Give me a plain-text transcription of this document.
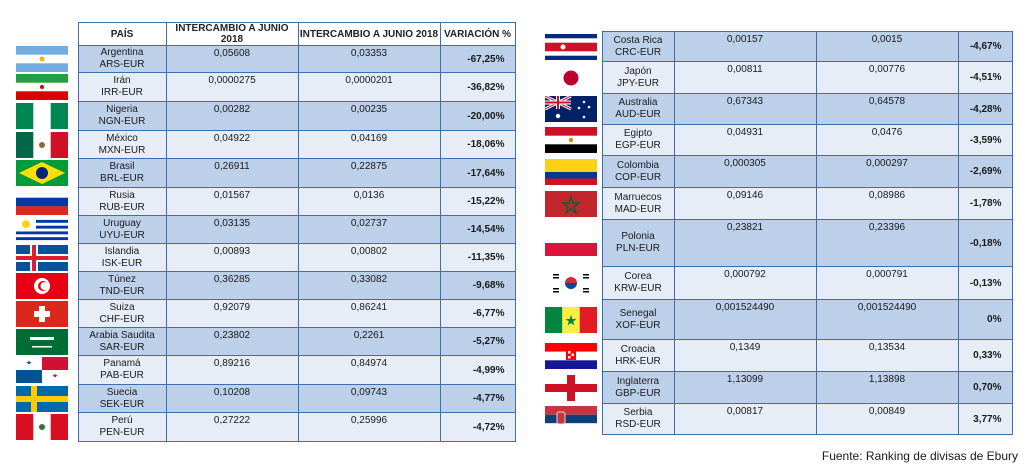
	PAÍS	INTERCAMBIO A JUNIO 2018	INTERCAMBIO A JUNIO 2018	VARIACIÓN %

Argentina
ARS-EUR	0,05608	0,03353	-67,25%

Irán
IRR-EUR	0,0000275	0,0000201	-36,82%

Nigeria
NGN-EUR	0,00282	0,00235	-20,00%

México
MXN-EUR	0,04922	0,04169	-18,06%

Brasil
BRL-EUR	0,26911	0,22875	-17,64%

Rusia
RUB-EUR	0,01567	0,0136	-15,22%

Uruguay
UYU-EUR	0,03135	0,02737	-14,54%

Islandia
ISK-EUR	0,00893	0,00802	-11,35%

Túnez
TND-EUR	0,36285	0,33082	-9,68%

Suiza
CHF-EUR	0,92079	0,86241	-6,77%

Arabia Saudita
SAR-EUR	0,23802	0,2261	-5,27%

Panamá
PAB-EUR	0,89216	0,84974	-4,99%

Suecia
SEK-EUR	0,10208	0,09743	-4,77%

Perú
PEN-EUR	0,27222	0,25996	-4,72%

Costa Rica
CRC-EUR	0,00157	0,0015	-4,67%

Japón
JPY-EUR	0,00811	0,00776	-4,51%

Australia
AUD-EUR	0,67343	0,64578	-4,28%

Egipto
EGP-EUR	0,04931	0,0476	-3,59%

Colombia
COP-EUR	0,000305	0,000297	-2,69%

Marruecos
MAD-EUR	0,09146	0,08986	-1,78%

Polonia
PLN-EUR	0,23821	0,23396	-0,18%

Corea
KRW-EUR	0,000792	0,000791	-0,13%

Senegal
XOF-EUR	0,001524490	0,001524490	0%

Croacia
HRK-EUR	0,1349	0,13534	0,33%

Inglaterra
GBP-EUR	1,13099	1,13898	0,70%

Serbia
RSD-EUR	0,00817	0,00849	3,77%
Fuente: Ranking de divisas de Ebury
